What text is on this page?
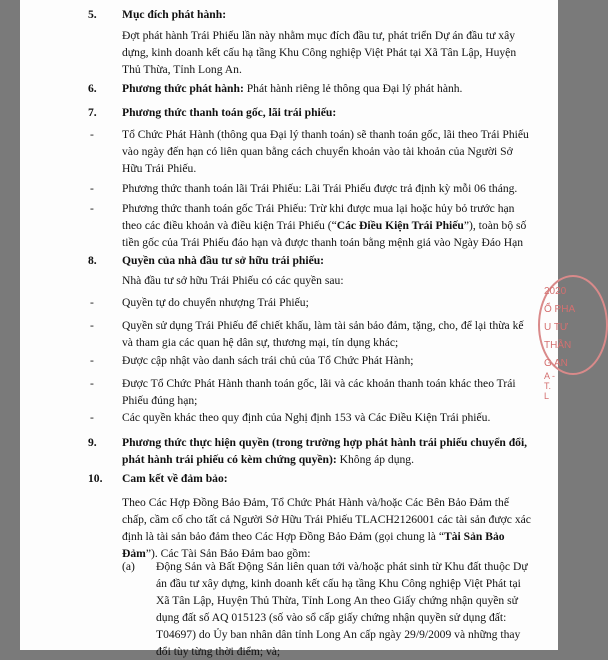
5. Mục đích phát hành:
Đợt phát hành Trái Phiếu lần này nhằm mục đích đầu tư, phát triển Dự án đầu tư xây
dựng, kinh doanh kết cấu hạ tầng Khu Công nghiệp Việt Phát tại Xã Tân Lập, Huyện
Thủ Thừa, Tỉnh Long An.
6. Phương thức phát hành: Phát hành riêng lẻ thông qua Đại lý phát hành.
7. Phương thức thanh toán gốc, lãi trái phiếu:
- Tổ Chức Phát Hành (thông qua Đại lý thanh toán) sẽ thanh toán gốc, lãi theo Trái Phiếu
vào ngày đến hạn có liên quan bằng cách chuyển khoản vào tài khoản của Người Sở
Hữu Trái Phiếu.
- Phương thức thanh toán lãi Trái Phiếu: Lãi Trái Phiếu được trả định kỳ mỗi 06 tháng.
- Phương thức thanh toán gốc Trái Phiếu: Trừ khi được mua lại hoặc hủy bỏ trước hạn
theo các điều khoản và điều kiện Trái Phiếu (“Các Điều Kiện Trái Phiếu”), toàn bộ số
tiền gốc của Trái Phiếu đáo hạn và được thanh toán bằng mệnh giá vào Ngày Đáo Hạn
8. Quyền của nhà đầu tư sở hữu trái phiếu:
Nhà đầu tư sở hữu Trái Phiếu có các quyền sau:
- Quyền tự do chuyển nhượng Trái Phiếu;
- Quyền sử dụng Trái Phiếu để chiết khấu, làm tài sản bảo đảm, tặng, cho, để lại thừa kế
và tham gia các quan hệ dân sự, thương mại, tín dụng khác;
- Được cập nhật vào danh sách trái chủ của Tổ Chức Phát Hành;
- Được Tổ Chức Phát Hành thanh toán gốc, lãi và các khoản thanh toán khác theo Trái
Phiếu đúng hạn;
- Các quyền khác theo quy định của Nghị định 153 và Các Điều Kiện Trái phiếu.
9. Phương thức thực hiện quyền (trong trường hợp phát hành trái phiếu chuyển đổi,
phát hành trái phiếu có kèm chứng quyền): Không áp dụng.
10. Cam kết về đảm bảo:
Theo Các Hợp Đồng Bảo Đảm, Tổ Chức Phát Hành và/hoặc Các Bên Bảo Đảm thế
chấp, cầm cố cho tất cả Người Sở Hữu Trái Phiếu TLACH2126001 các tài sản được xác
định là tài sản bảo đảm theo Các Hợp Đồng Bảo Đảm (gọi chung là “Tài Sản Bảo
Đảm”). Các Tài Sản Bảo Đảm bao gồm:
(a) Động Sản và Bất Động Sản liên quan tới và/hoặc phát sinh từ Khu đất thuộc Dự
án đầu tư xây dựng, kinh doanh kết cấu hạ tầng Khu Công nghiệp Việt Phát tại
Xã Tân Lập, Huyện Thủ Thừa, Tỉnh Long An theo Giấy chứng nhận quyền sử
dụng đất số AQ 015123 (số vào sổ cấp giấy chứng nhận quyền sử dụng đất:
T04697) do Ủy ban nhân dân tỉnh Long An cấp ngày 29/9/2009 và những thay
đổi tùy từng thời điểm; và;
2020
Ổ PHA
U TƯ
THẦN
G AN
A - T. L
